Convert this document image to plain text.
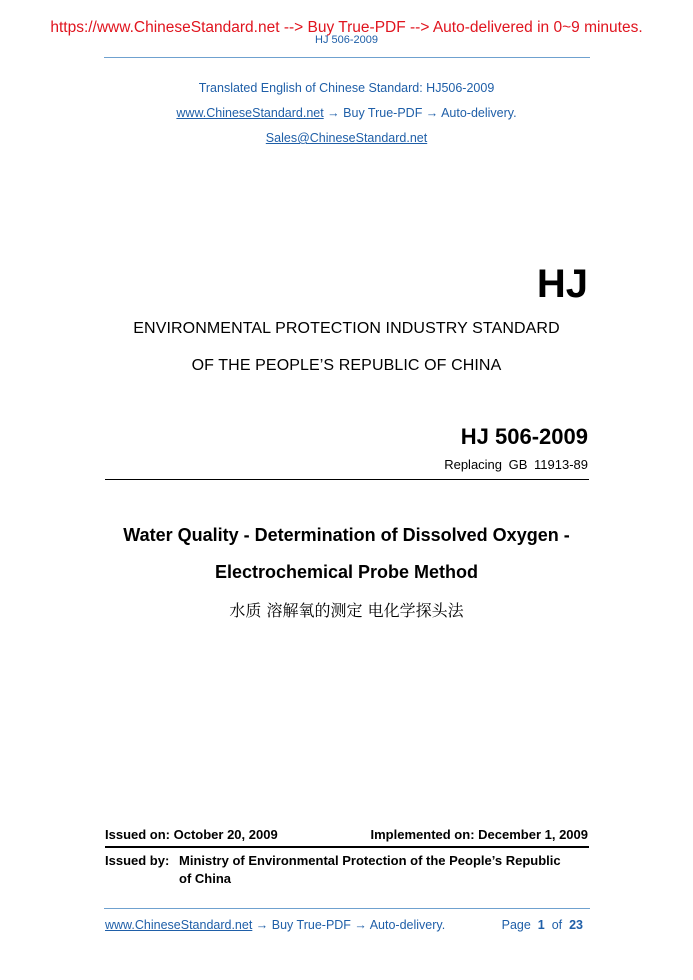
https://www.ChineseStandard.net --> Buy True-PDF --> Auto-delivered in 0~9 minutes.
HJ 506-2009
Translated English of Chinese Standard: HJ506-2009
www.ChineseStandard.net → Buy True-PDF → Auto-delivery.
Sales@ChineseStandard.net
HJ
ENVIRONMENTAL PROTECTION INDUSTRY STANDARD
OF THE PEOPLE’S REPUBLIC OF CHINA
HJ 506-2009
Replacing GB 11913-89
Water Quality - Determination of Dissolved Oxygen -
Electrochemical Probe Method
水质 溶解氧的测定 电化学探头法
Issued on: October 20, 2009	Implemented on: December 1, 2009
Issued by: Ministry of Environmental Protection of the People’s Republic
of China
www.ChineseStandard.net → Buy True-PDF → Auto-delivery.	Page 1 of 23
